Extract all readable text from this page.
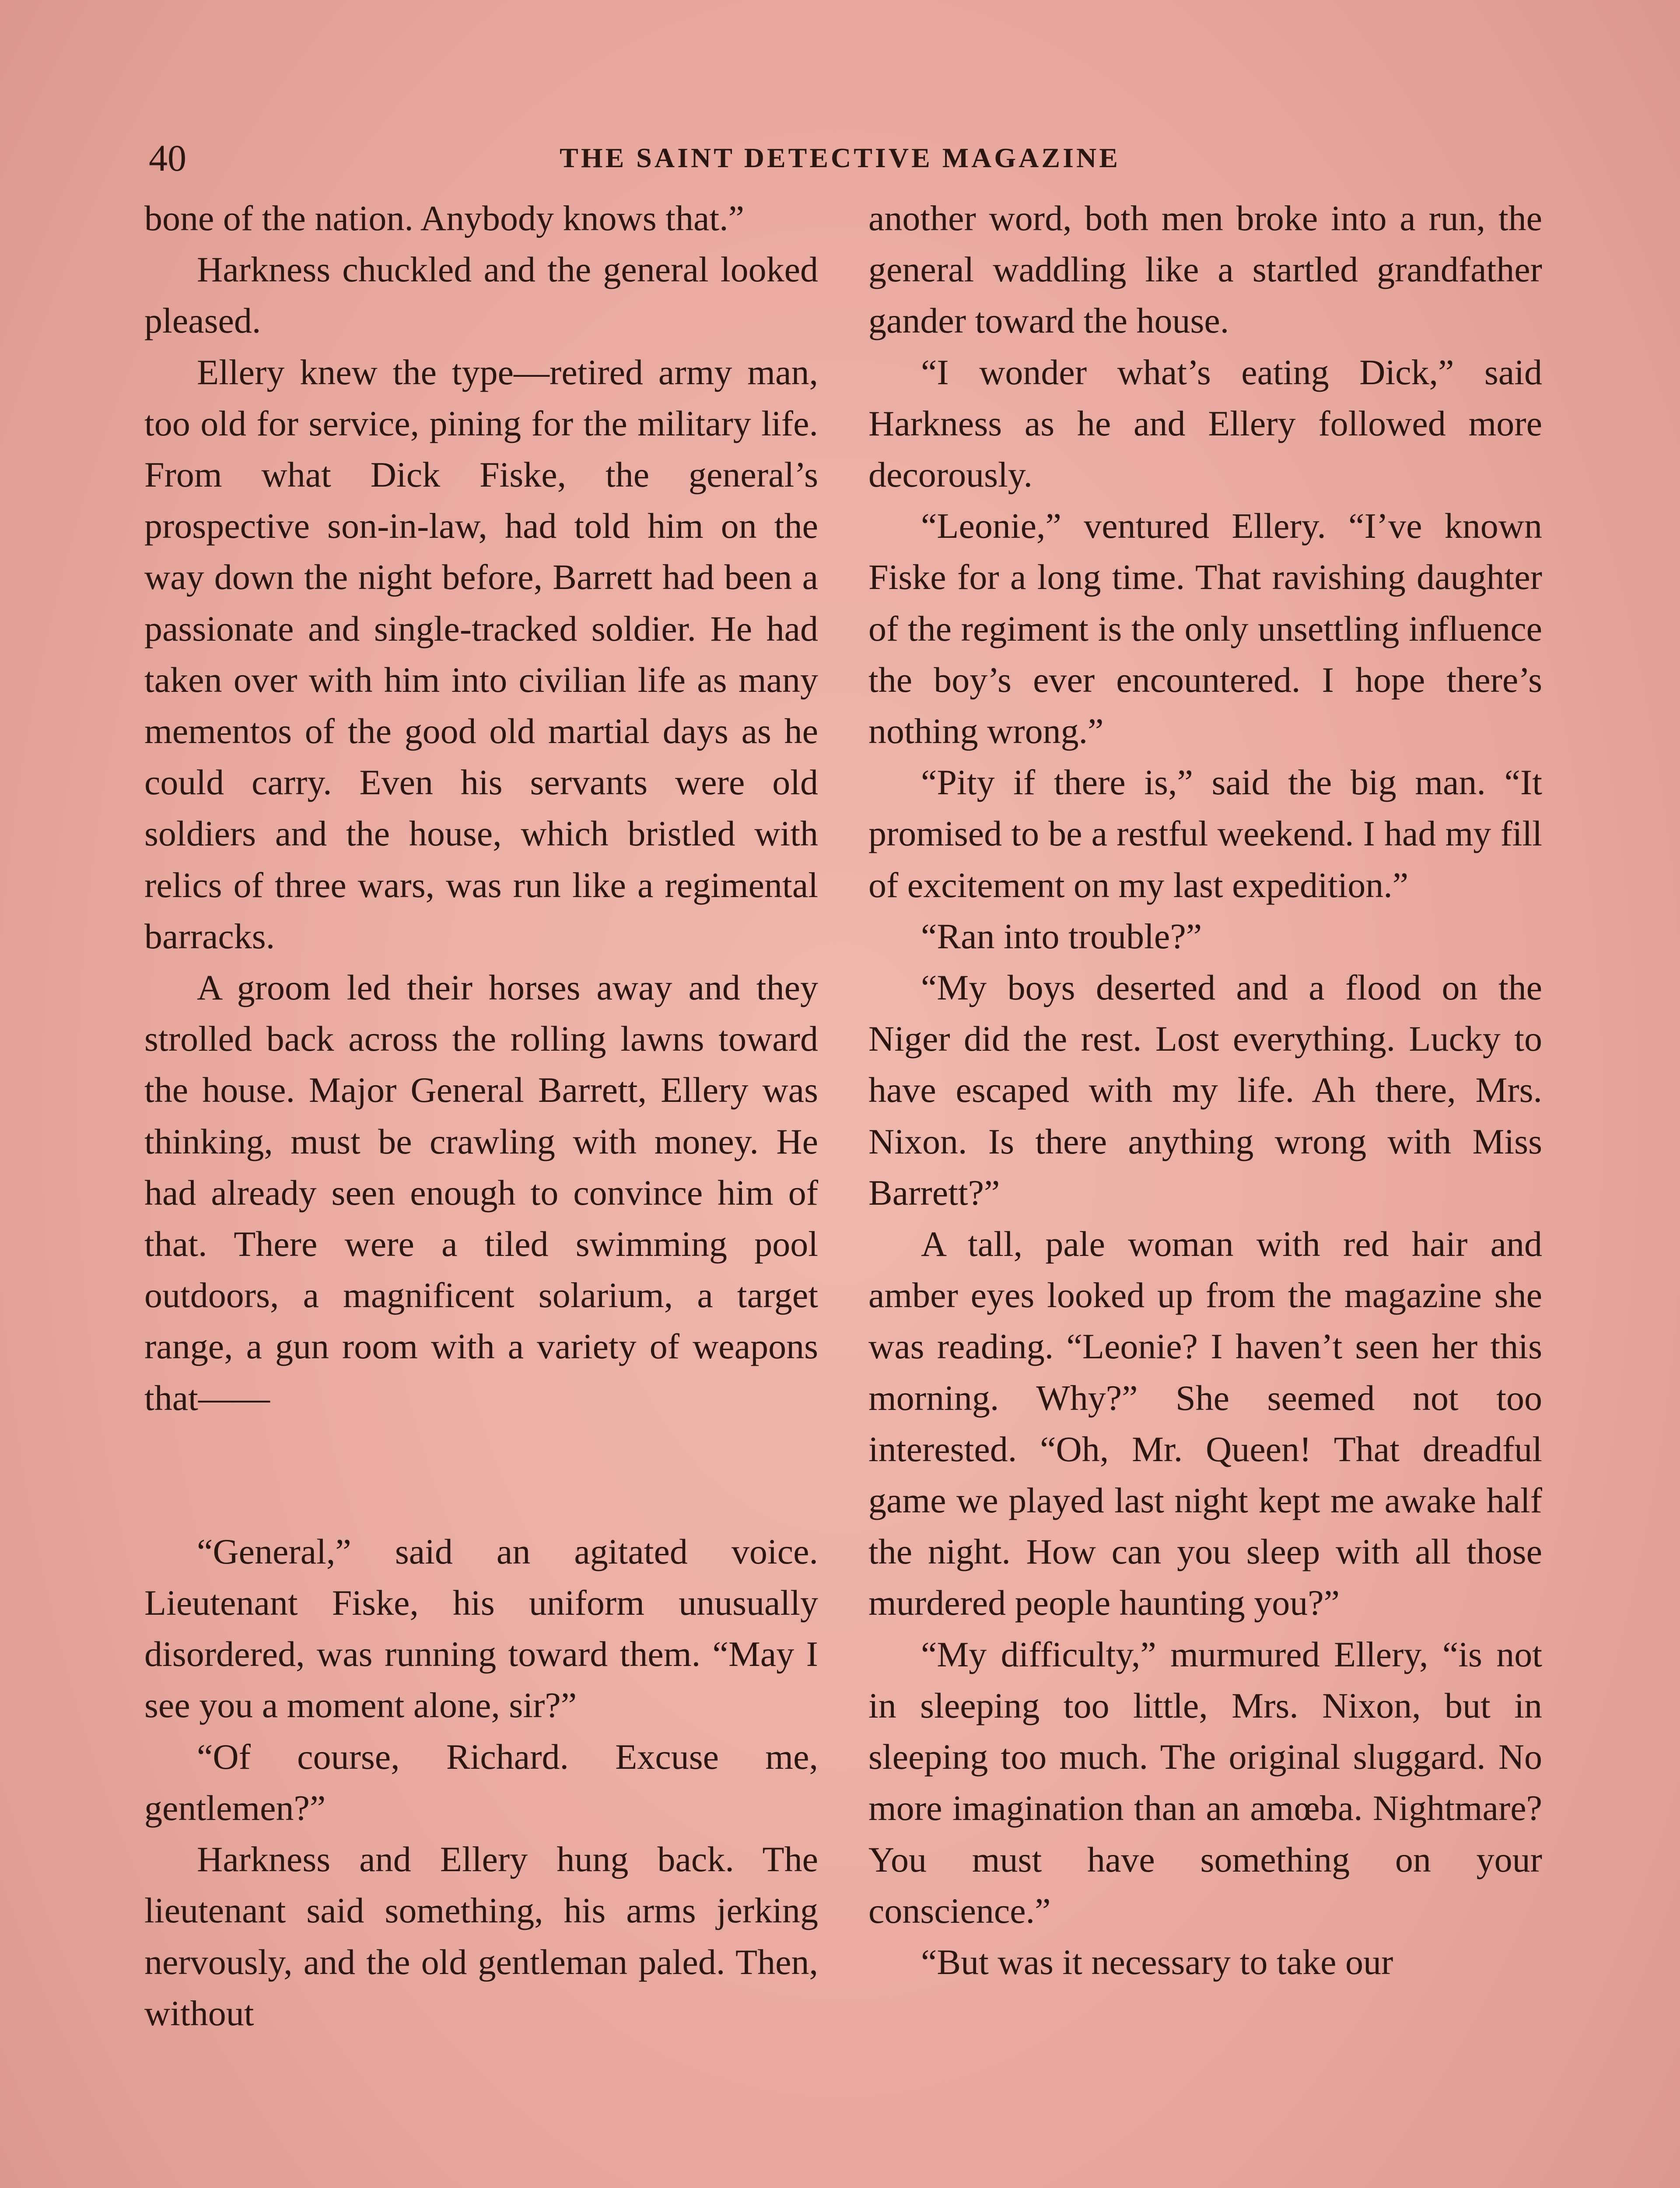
40	THE SAINT DETECTIVE MAGAZINE

bone of the nation. Anybody knows that.”

Harkness chuckled and the general looked pleased.

Ellery knew the type—retired army man, too old for service, pining for the military life. From what Dick Fiske, the general’s prospective son-in-law, had told him on the way down the night before, Barrett had been a passionate and single-tracked soldier. He had taken over with him into civilian life as many mementos of the good old martial days as he could carry. Even his servants were old soldiers and the house, which bristled with relics of three wars, was run like a regimental barracks.

A groom led their horses away and they strolled back across the rolling lawns toward the house. Major General Barrett, Ellery was thinking, must be crawling with money. He had already seen enough to convince him of that. There were a tiled swimming pool outdoors, a magnificent solarium, a target range, a gun room with a variety of weapons that——

“General,” said an agitated voice. Lieutenant Fiske, his uniform unusually disordered, was running toward them. “May I see you a moment alone, sir?”

“Of course, Richard. Excuse me, gentlemen?”

Harkness and Ellery hung back. The lieutenant said something, his arms jerking nervously, and the old gentleman paled. Then, without

another word, both men broke into a run, the general waddling like a startled grandfather gander toward the house.

“I wonder what’s eating Dick,” said Harkness as he and Ellery followed more decorously.

“Leonie,” ventured Ellery. “I’ve known Fiske for a long time. That ravishing daughter of the regiment is the only unsettling influence the boy’s ever encountered. I hope there’s nothing wrong.”

“Pity if there is,” said the big man. “It promised to be a restful weekend. I had my fill of excitement on my last expedition.”

“Ran into trouble?”

“My boys deserted and a flood on the Niger did the rest. Lost everything. Lucky to have escaped with my life. Ah there, Mrs. Nixon. Is there anything wrong with Miss Barrett?”

A tall, pale woman with red hair and amber eyes looked up from the magazine she was reading. “Leonie? I haven’t seen her this morning. Why?” She seemed not too interested. “Oh, Mr. Queen! That dreadful game we played last night kept me awake half the night. How can you sleep with all those murdered people haunting you?”

“My difficulty,” murmured Ellery, “is not in sleeping too little, Mrs. Nixon, but in sleeping too much. The original sluggard. No more imagination than an amœba. Nightmare? You must have something on your conscience.”

“But was it necessary to take our
